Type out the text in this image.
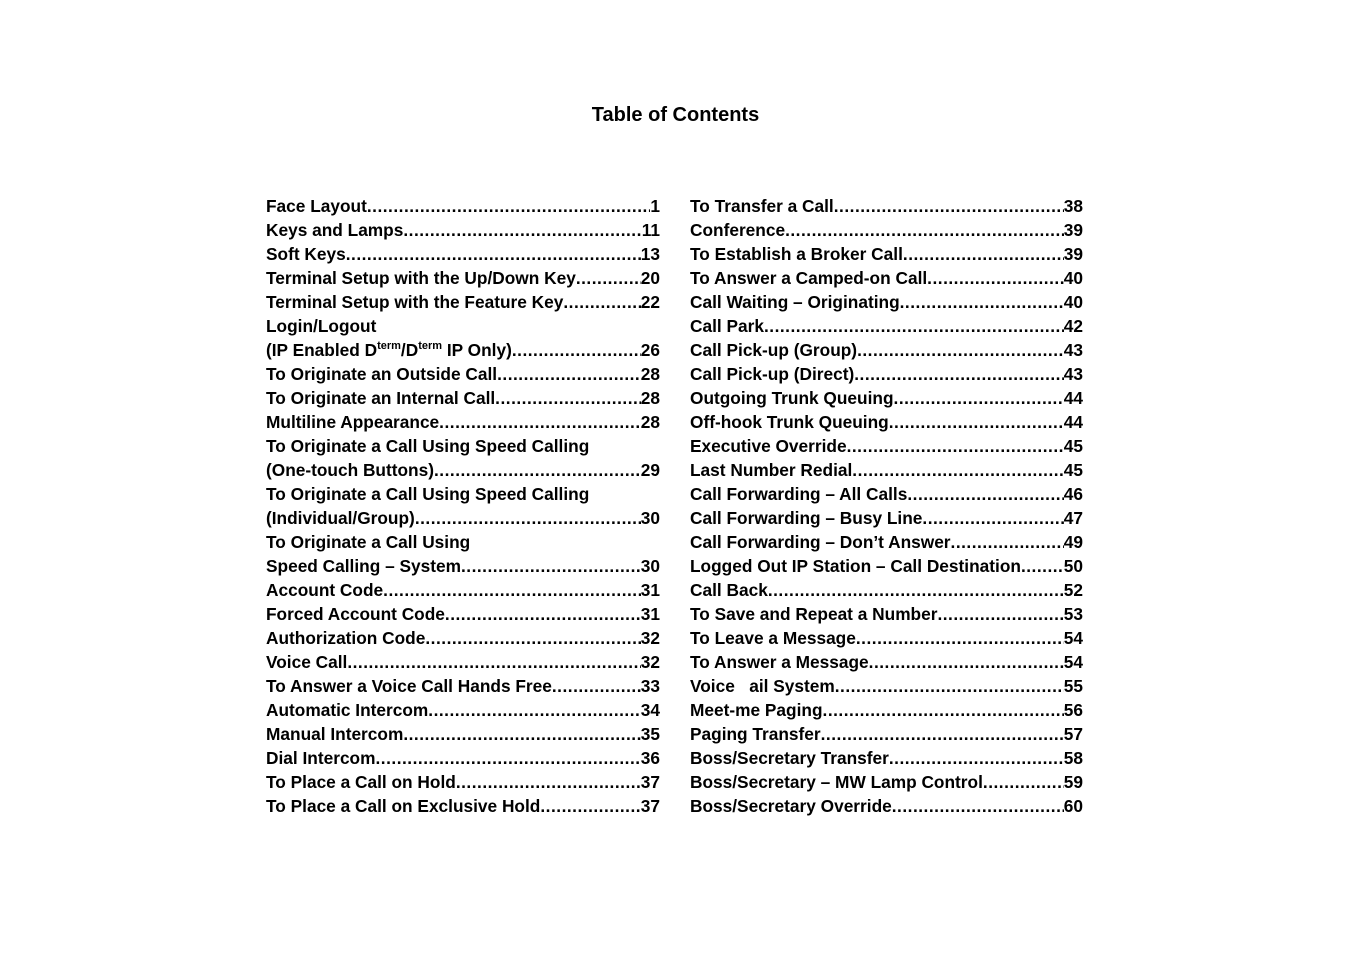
Table of Contents
Face Layout .....	1
Keys and Lamps .....	11
Soft Keys .....	13
Terminal Setup with the Up/Down Key .....	20
Terminal Setup with the Feature Key .....	22
Login/Logout
(IP Enabled $D^{term}/D^{term}$ IP Only) .....	26
To Originate an Outside Call .....	28
To Originate an Internal Call .....	28
Multiline Appearance .....	28
To Originate a Call Using Speed Calling
(One-touch Buttons) .....	29
To Originate a Call Using Speed Calling
(Individual/Group) .....	30
To Originate a Call Using
Speed Calling – System .....	30
Account Code .....	31
Forced Account Code .....	31
Authorization Code .....	32
Voice Call .....	32
To Answer a Voice Call Hands Free .....	33
Automatic Intercom .....	34
Manual Intercom .....	35
Dial Intercom .....	36
To Place a Call on Hold .....	37
To Place a Call on Exclusive Hold .....	37
To Transfer a Call .....	38
Conference .....	39
To Establish a Broker Call .....	39
To Answer a Camped-on Call .....	40
Call Waiting – Originating .....	40
Call Park .....	42
Call Pick-up (Group) .....	43
Call Pick-up (Direct) .....	43
Outgoing Trunk Queuing .....	44
Off-hook Trunk Queuing .....	44
Executive Override .....	45
Last Number Redial .....	45
Call Forwarding – All Calls .....	46
Call Forwarding – Busy Line .....	47
Call Forwarding – Don’t Answer .....	49
Logged Out IP Station – Call Destination ..... 50
Call Back .....	52
To Save and Repeat a Number .....	53
To Leave a Message .....	54
To Answer a Message .....	54
Voice   ail System .....	55
Meet-me Paging .....	56
Paging Transfer .....	57
Boss/Secretary Transfer .....	58
Boss/Secretary – MW Lamp Control .....	59
Boss/Secretary Override .....	60
